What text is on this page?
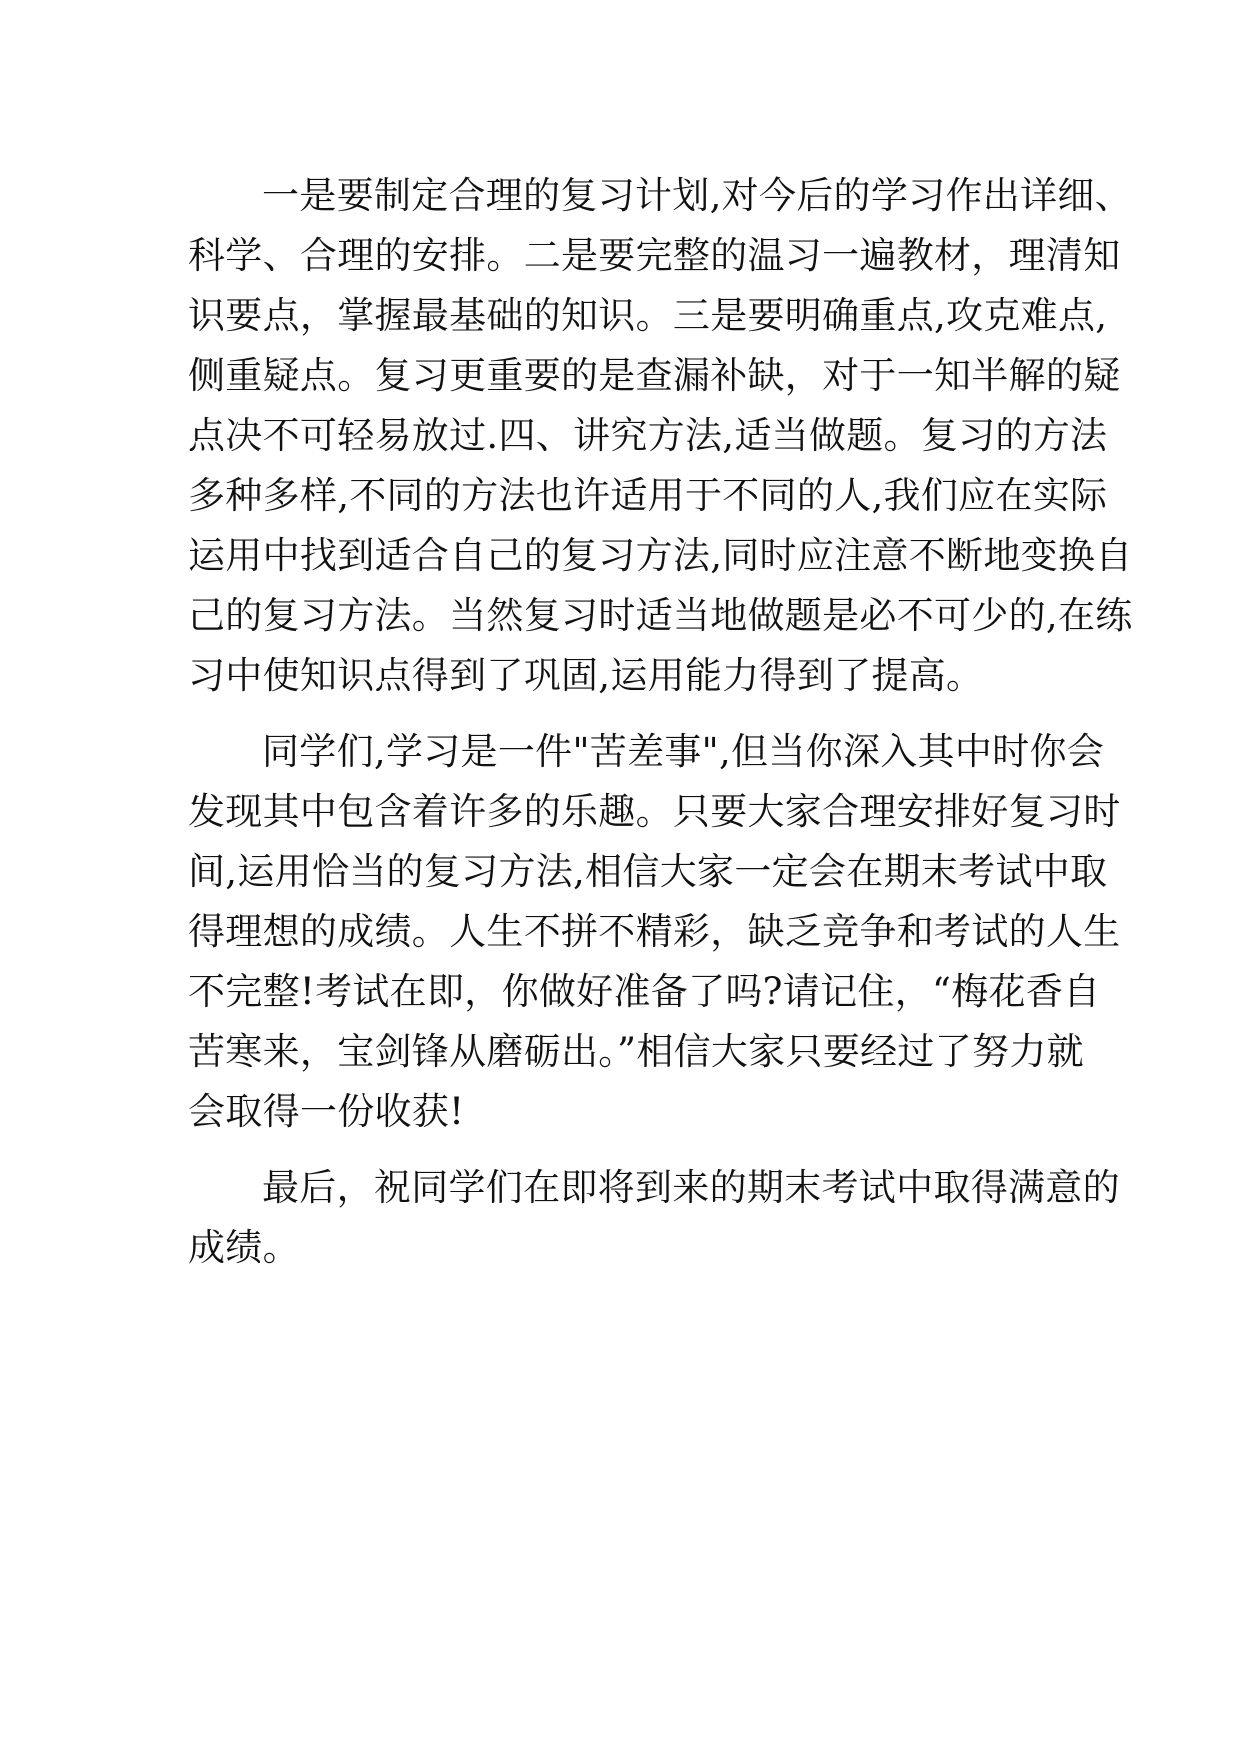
一是要制定合理的复习计划,对今后的学习作出详细、
科学、合理的安排。二是要完整的温习一遍教材，理清知
识要点，掌握最基础的知识。三是要明确重点,攻克难点,
侧重疑点。复习更重要的是查漏补缺，对于一知半解的疑
点决不可轻易放过.四、讲究方法,适当做题。复习的方法
多种多样,不同的方法也许适用于不同的人,我们应在实际
运用中找到适合自己的复习方法,同时应注意不断地变换自
己的复习方法。当然复习时适当地做题是必不可少的,在练
习中使知识点得到了巩固,运用能力得到了提高。
同学们,学习是一件"苦差事",但当你深入其中时你会
发现其中包含着许多的乐趣。只要大家合理安排好复习时
间,运用恰当的复习方法,相信大家一定会在期末考试中取
得理想的成绩。人生不拼不精彩，缺乏竞争和考试的人生
不完整!考试在即，你做好准备了吗?请记住，“梅花香自
苦寒来，宝剑锋从磨砺出。”相信大家只要经过了努力就
会取得一份收获!
最后，祝同学们在即将到来的期末考试中取得满意的
成绩。
